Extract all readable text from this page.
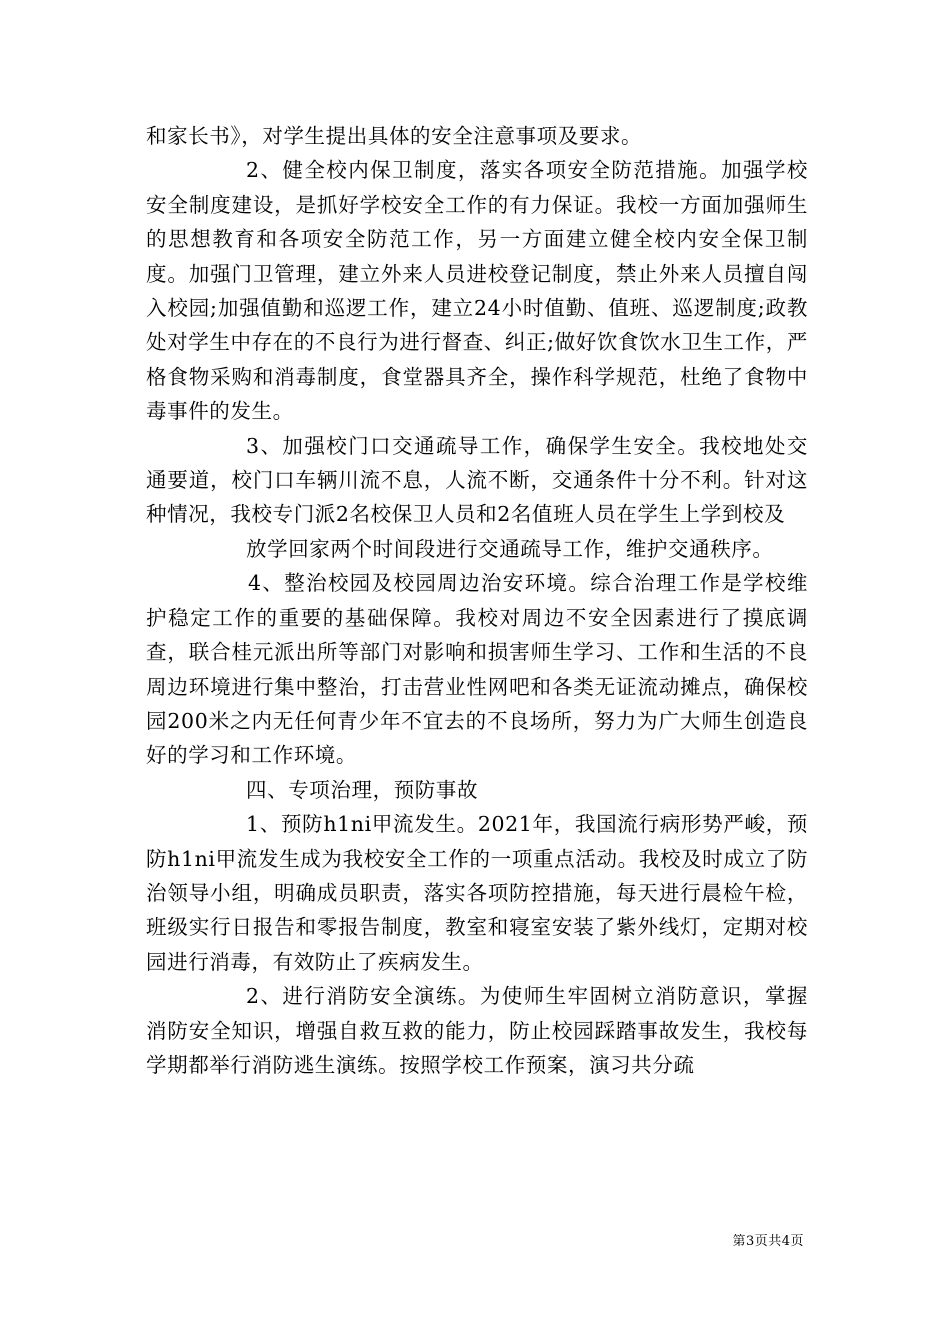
和家长书》，对学生提出具体的安全注意事项及要求。

2、健全校内保卫制度，落实各项安全防范措施。加强学校安全制度建设，是抓好学校安全工作的有力保证。我校一方面加强师生的思想教育和各项安全防范工作，另一方面建立健全校内安全保卫制度。加强门卫管理，建立外来人员进校登记制度，禁止外来人员擅自闯入校园;加强值勤和巡逻工作，建立24小时值勤、值班、巡逻制度;政教处对学生中存在的不良行为进行督查、纠正;做好饮食饮水卫生工作，严格食物采购和消毒制度，食堂器具齐全，操作科学规范，杜绝了食物中毒事件的发生。

3、加强校门口交通疏导工作，确保学生安全。我校地处交通要道，校门口车辆川流不息，人流不断，交通条件十分不利。针对这种情况，我校专门派2名校保卫人员和2名值班人员在学生上学到校及

放学回家两个时间段进行交通疏导工作，维护交通秩序。

4、整治校园及校园周边治安环境。综合治理工作是学校维护稳定工作的重要的基础保障。我校对周边不安全因素进行了摸底调查，联合桂元派出所等部门对影响和损害师生学习、工作和生活的不良周边环境进行集中整治，打击营业性网吧和各类无证流动摊点，确保校园200米之内无任何青少年不宜去的不良场所，努力为广大师生创造良好的学习和工作环境。

四、专项治理，预防事故

1、预防h1ni甲流发生。2021年，我国流行病形势严峻，预防h1ni甲流发生成为我校安全工作的一项重点活动。我校及时成立了防治领导小组，明确成员职责，落实各项防控措施，每天进行晨检午检，班级实行日报告和零报告制度，教室和寝室安装了紫外线灯，定期对校园进行消毒，有效防止了疾病发生。

2、进行消防安全演练。为使师生牢固树立消防意识，掌握消防安全知识，增强自救互救的能力，防止校园踩踏事故发生，我校每学期都举行消防逃生演练。按照学校工作预案，演习共分疏

第3页共4页
